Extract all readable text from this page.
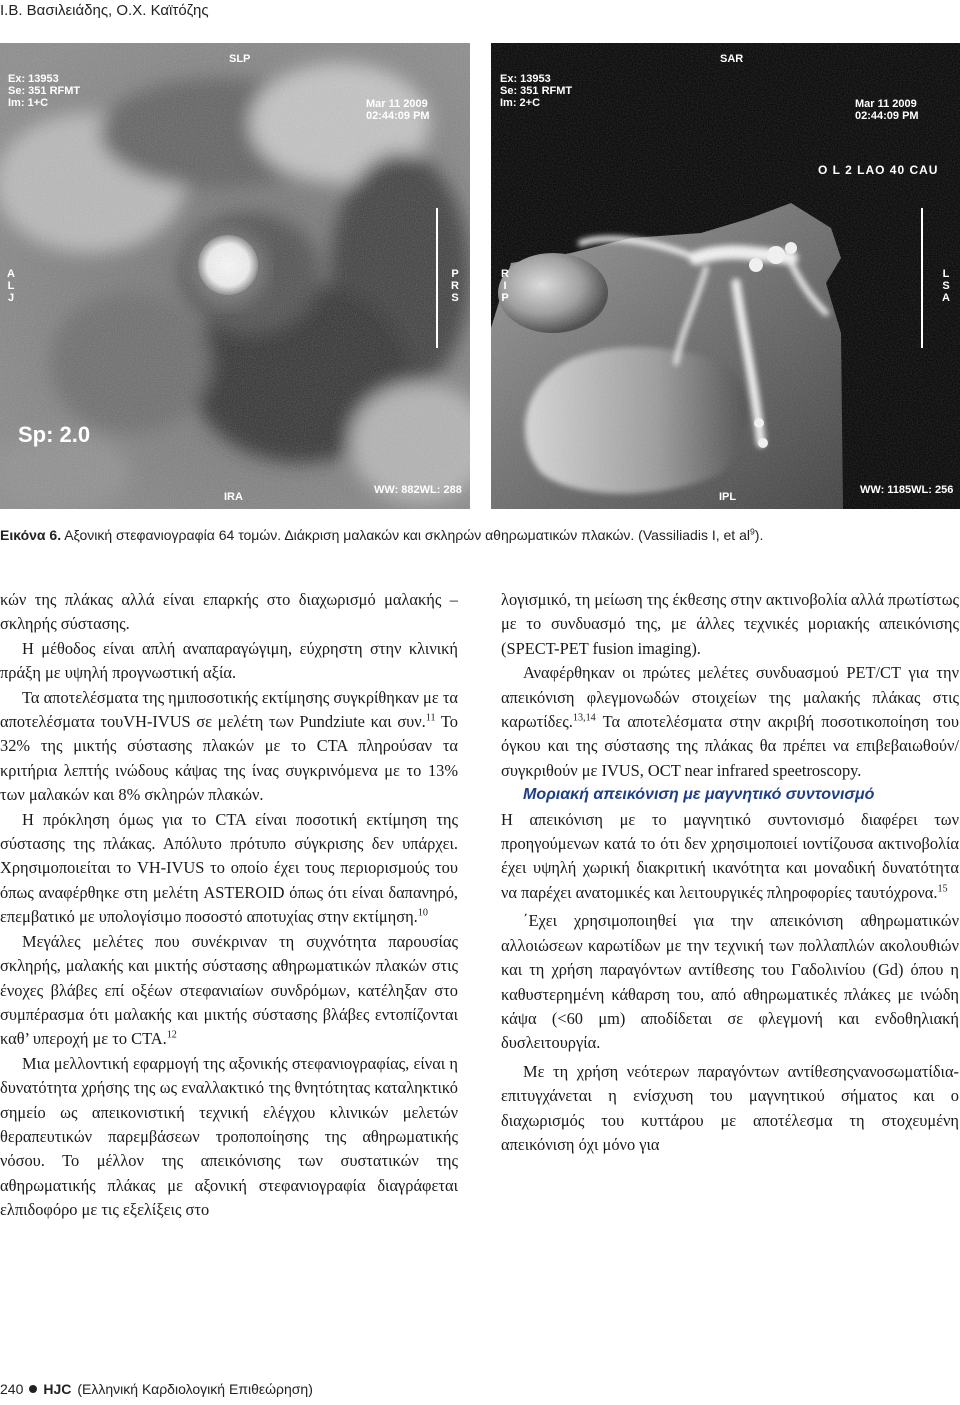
Ι.Β. Βασιλειάδης, Ο.Χ. Καϊτόζης
SLP
Ex: 13953
Se: 351 RFMT
Im: 1+C	Mar 11 2009
02:44:09 PM
ALJ
PRS
Sp: 2.0
IRA
WW: 882WL: 288
SAR
Ex: 13953
Se: 351 RFMT
Im: 2+C	Mar 11 2009
02:44:09 PM
O L 2 LAO 40 CAU
RIP
LSA
IPL
WW: 1185WL: 256
Εικόνα 6. Αξονική στεφανιογραφία 64 τομών. Διάκριση μαλακών και σκληρών αθηρωματικών πλακών. (Vassiliadis I, et $al^9$).

κών της πλάκας αλλά είναι επαρκής στο διαχωρισμό μαλακής –σκληρής σύστασης.

Η μέθοδος είναι απλή αναπαραγώγιμη, εύχρηστη στην κλινική πράξη με υψηλή προγνωστική αξία.

Τα αποτελέσματα της ημιποσοτικής εκτίμησης συγκρίθηκαν με τα αποτελέσματα τουVH-IVUS σε μελέτη των Pundziute και συν.$^{11}$ Το 32% της μικτής σύστασης πλακών με το CTA πληρούσαν τα κριτήρια λεπτής ινώδους κάψας της ίνας συγκρινόμενα με το 13% των μαλακών και 8% σκληρών πλακών.

Η πρόκληση όμως για το CTA είναι ποσοτική εκτίμηση της σύστασης της πλάκας. Απόλυτο πρότυπο σύγκρισης δεν υπάρχει. Χρησιμοποιείται το VH-IVUS το οποίο έχει τους περιορισμούς του όπως αναφέρθηκε στη μελέτη ASTEROID όπως ότι είναι δαπανηρό, επεμβατικό με υπολογίσιμο ποσοστό αποτυχίας στην εκτίμηση.$^{10}$

Μεγάλες μελέτες που συνέκριναν τη συχνότητα παρουσίας σκληρής, μαλακής και μικτής σύστασης αθηρωματικών πλακών στις ένοχες βλάβες επί οξέων στεφανιαίων συνδρόμων, κατέληξαν στο συμπέρασμα ότι μαλακής και μικτής σύστασης βλάβες εντοπίζονται καθ’ υπεροχή με το CTA.$^{12}$

Μια μελλοντική εφαρμογή της αξονικής στεφανιογραφίας, είναι η δυνατότητα χρήσης της ως εναλλακτικό της θνητότητας καταληκτικό σημείο ως απεικονιστική τεχνική ελέγχου κλινικών μελετών θεραπευτικών παρεμβάσεων τροποποίησης της αθηρωματικής νόσου. Το μέλλον της απεικόνισης των συστατικών της αθηρωματικής πλάκας με αξονική στεφανιογραφία διαγράφεται ελπιδοφόρο με τις εξελίξεις στο

λογισμικό, τη μείωση της έκθεσης στην ακτινοβολία αλλά πρωτίστως με το συνδυασμό της, με άλλες τεχνικές μοριακής απεικόνισης (SPECT-PET fusion imaging).

Αναφέρθηκαν οι πρώτες μελέτες συνδυασμού PET/CT για την απεικόνιση φλεγμονωδών στοιχείων της μαλακής πλάκας στις καρωτίδες.$^{13,14}$ Τα αποτελέσματα στην ακριβή ποσοτικοποίηση του όγκου και της σύστασης της πλάκας θα πρέπει να επιβεβαιωθούν/συγκριθούν με IVUS, OCT near infrared speetroscopy.

Μοριακή απεικόνιση με μαγνητικό συντονισμό

Η απεικόνιση με το μαγνητικό συντονισμό διαφέρει των προηγούμενων κατά το ότι δεν χρησιμοποιεί ιοντίζουσα ακτινοβολία έχει υψηλή χωρική διακριτική ικανότητα και μοναδική δυνατότητα να παρέχει ανατομικές και λειτουργικές πληροφορίες ταυτόχρονα.$^{15}$

΄Εχει χρησιμοποιηθεί για την απεικόνιση αθηρωματικών αλλοιώσεων καρωτίδων με την τεχνική των πολλαπλών ακολουθιών και τη χρήση παραγόντων αντίθεσης του Γαδολινίου (Gd) όπου η καθυστερημένη κάθαρση του, από αθηρωματικές πλάκες με ινώδη κάψα (<60 μm) αποδίδεται σε φλεγμονή και ενδοθηλιακή δυσλειτουργία.

Με τη χρήση νεότερων παραγόντων αντίθεσηςνανοσωματίδια-επιτυγχάνεται η ενίσχυση του μαγνητικού σήματος και ο διαχωρισμός του κυττάρου με αποτέλεσμα τη στοχευμένη απεικόνιση όχι μόνο για

240 HJC (Ελληνική Καρδιολογική Επιθεώρηση)
